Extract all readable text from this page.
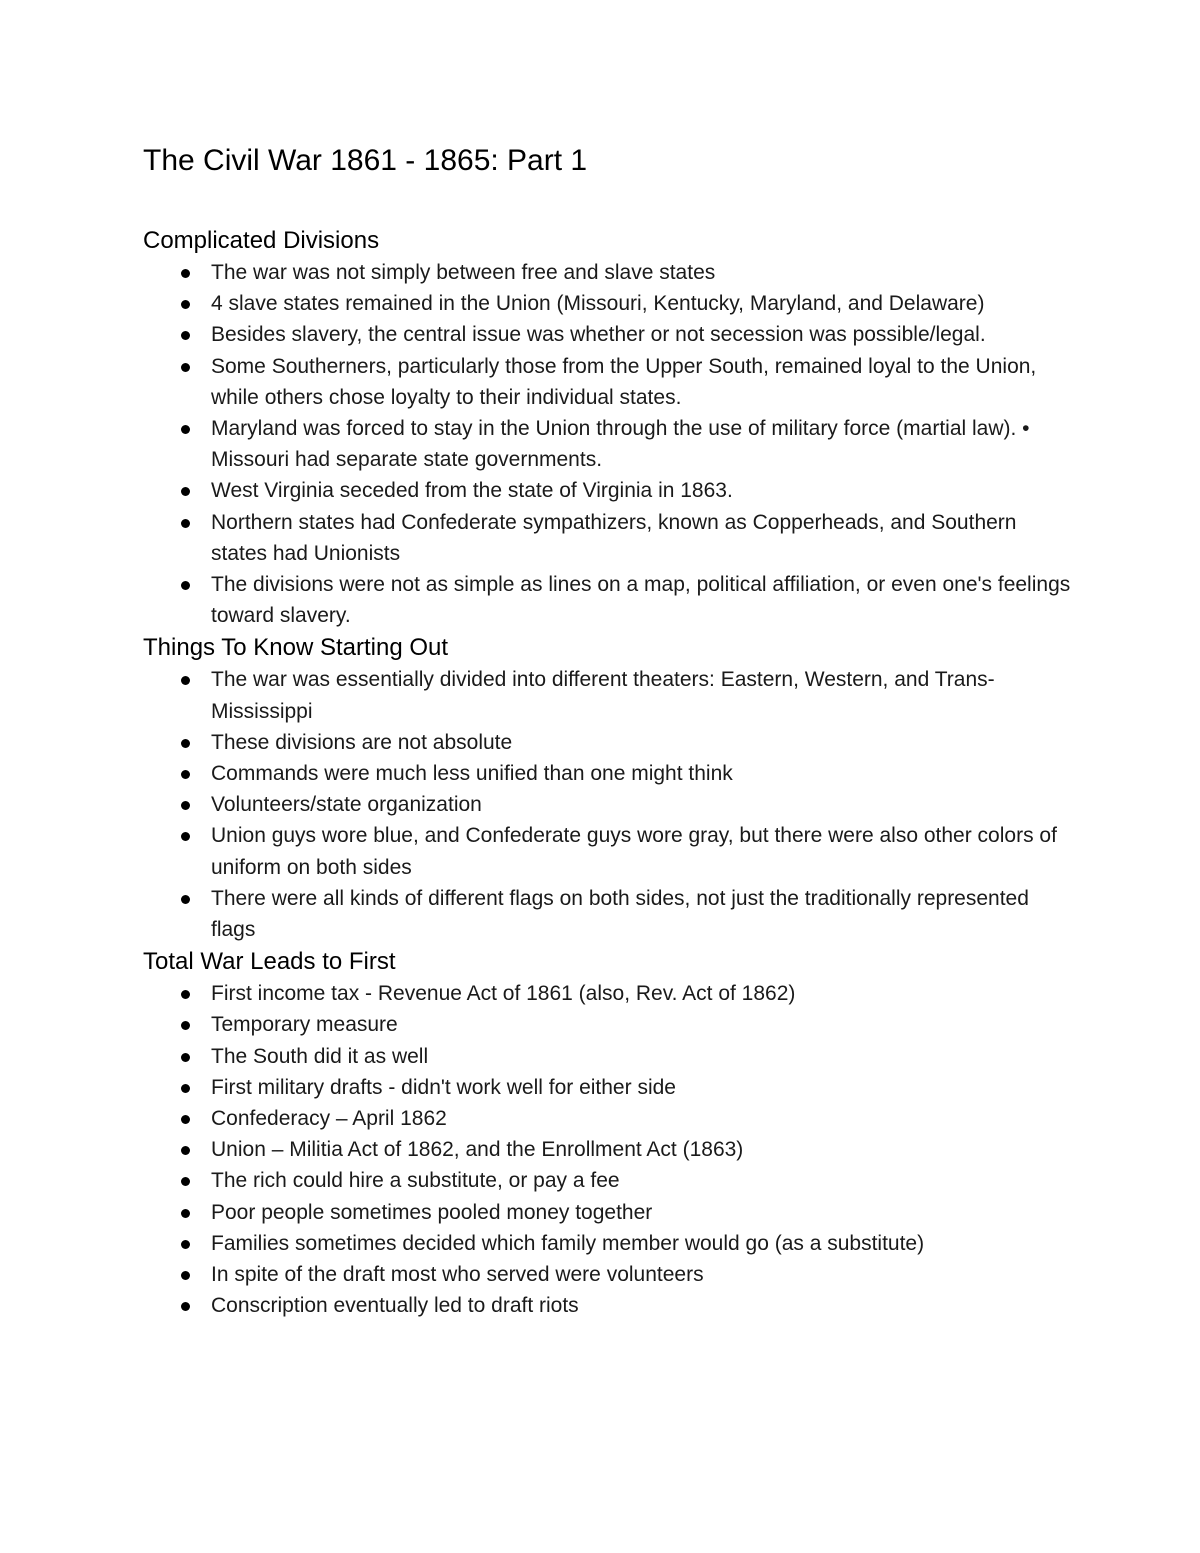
The Civil War 1861 - 1865: Part 1
Complicated Divisions
The war was not simply between free and slave states
4 slave states remained in the Union (Missouri, Kentucky, Maryland, and Delaware)
Besides slavery, the central issue was whether or not secession was possible/legal.
Some Southerners, particularly those from the Upper South, remained loyal to the Union, while others chose loyalty to their individual states.
Maryland was forced to stay in the Union through the use of military force (martial law). • Missouri had separate state governments.
West Virginia seceded from the state of Virginia in 1863.
Northern states had Confederate sympathizers, known as Copperheads, and Southern states had Unionists
The divisions were not as simple as lines on a map, political affiliation, or even one's feelings toward slavery.
Things To Know Starting Out
The war was essentially divided into different theaters: Eastern, Western, and Trans-Mississippi
These divisions are not absolute
Commands were much less unified than one might think
Volunteers/state organization
Union guys wore blue, and Confederate guys wore gray, but there were also other colors of uniform on both sides
There were all kinds of different flags on both sides, not just the traditionally represented flags
Total War Leads to First
First income tax - Revenue Act of 1861 (also, Rev. Act of 1862)
Temporary measure
The South did it as well
First military drafts - didn't work well for either side
Confederacy – April 1862
Union – Militia Act of 1862, and the Enrollment Act (1863)
The rich could hire a substitute, or pay a fee
Poor people sometimes pooled money together
Families sometimes decided which family member would go (as a substitute)
In spite of the draft most who served were volunteers
Conscription eventually led to draft riots
